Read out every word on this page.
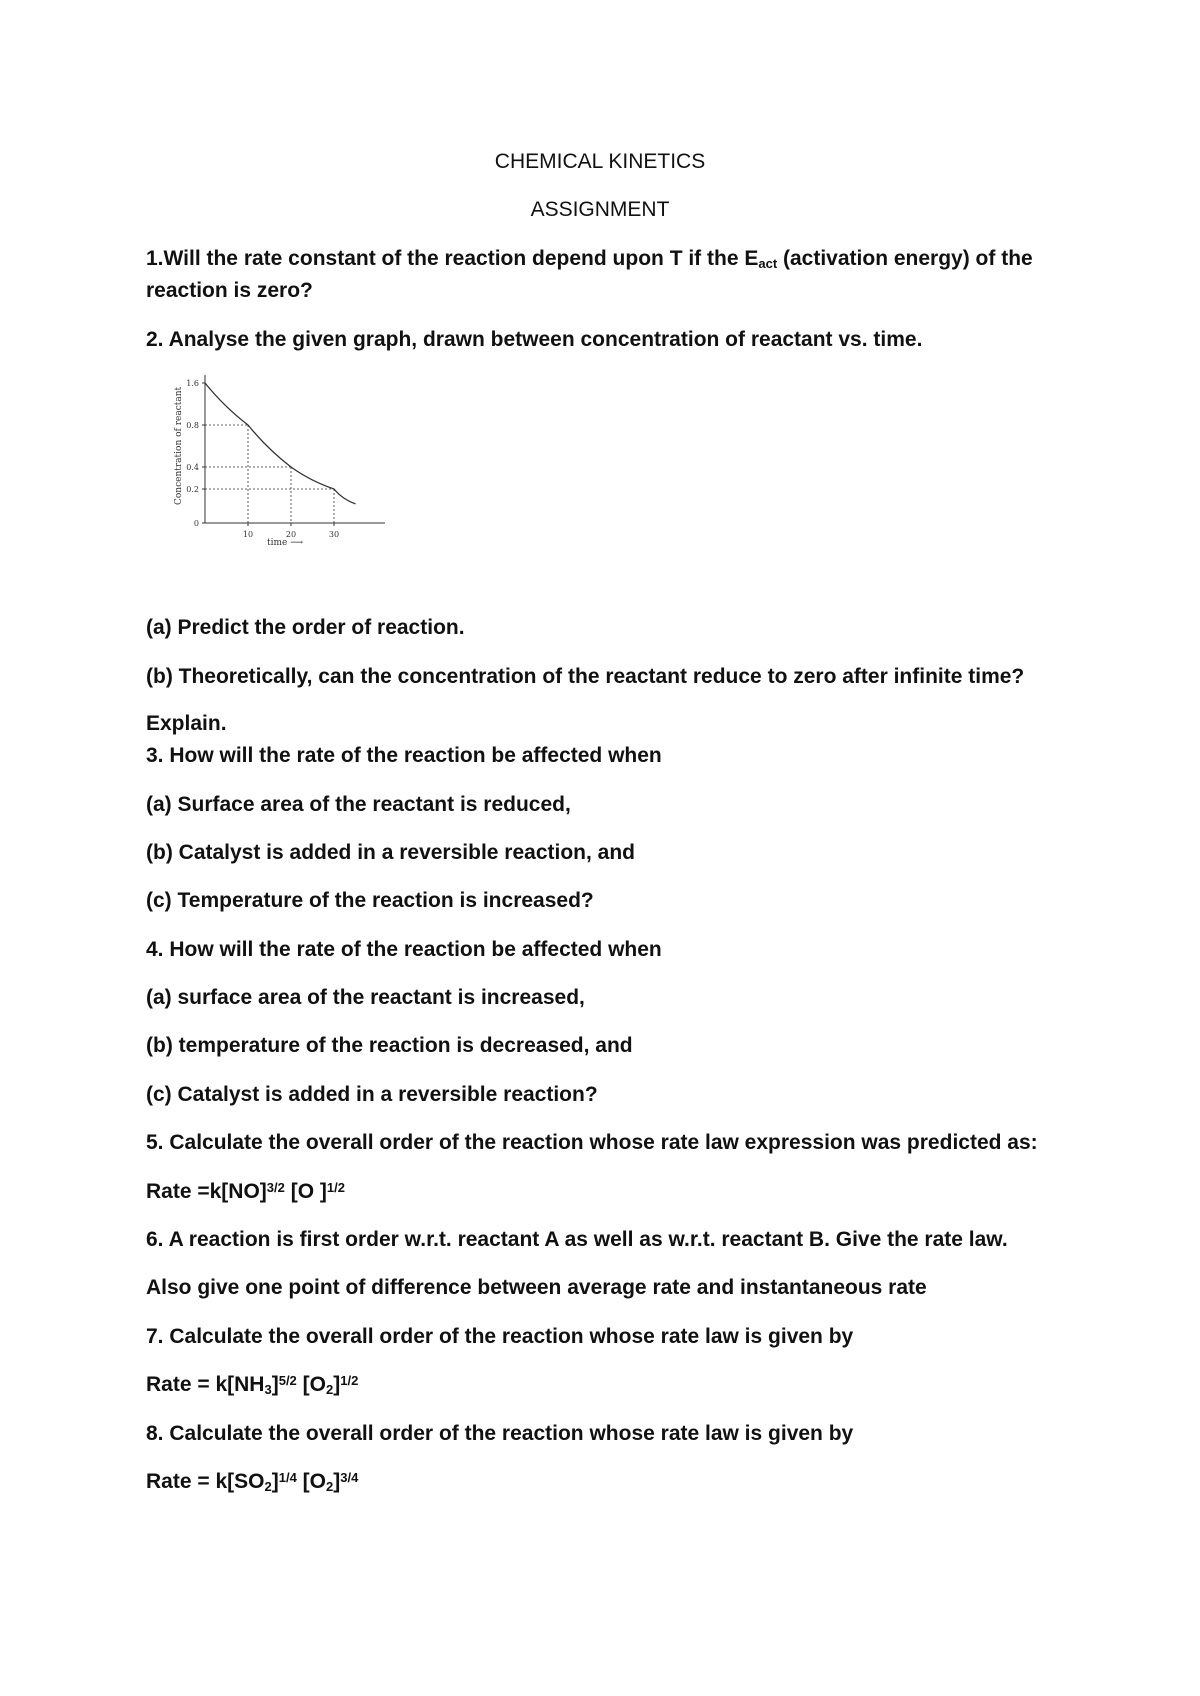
CHEMICAL KINETICS
ASSIGNMENT
1.Will the rate constant of the reaction depend upon T if the Eact (activation energy) of the
reaction is zero?
2. Analyse the given graph, drawn between concentration of reactant vs. time.
Concentration of reactant
time ⟶
1.6
0.8
0.4
0.2
0
10	20	30
(a) Predict the order of reaction.
(b) Theoretically, can the concentration of the reactant reduce to zero after infinite time?
Explain.
3. How will the rate of the reaction be affected when
(a) Surface area of the reactant is reduced,
(b) Catalyst is added in a reversible reaction, and
(c) Temperature of the reaction is increased?
4. How will the rate of the reaction be affected when
(a) surface area of the reactant is increased,
(b) temperature of the reaction is decreased, and
(c) Catalyst is added in a reversible reaction?
5. Calculate the overall order of the reaction whose rate law expression was predicted as:
Rate =k[NO]$^{3/2}$ [O ]$^{1/2}$
6. A reaction is first order w.r.t. reactant A as well as w.r.t. reactant B. Give the rate law.
Also give one point of difference between average rate and instantaneous rate
7. Calculate the overall order of the reaction whose rate law is given by
Rate = $k[NH3]^{5/2}$ $[O2]^{1/2}$
8. Calculate the overall order of the reaction whose rate law is given by
Rate = $k[SO2]^{1/4}$ $[O2]^{3/4}$
